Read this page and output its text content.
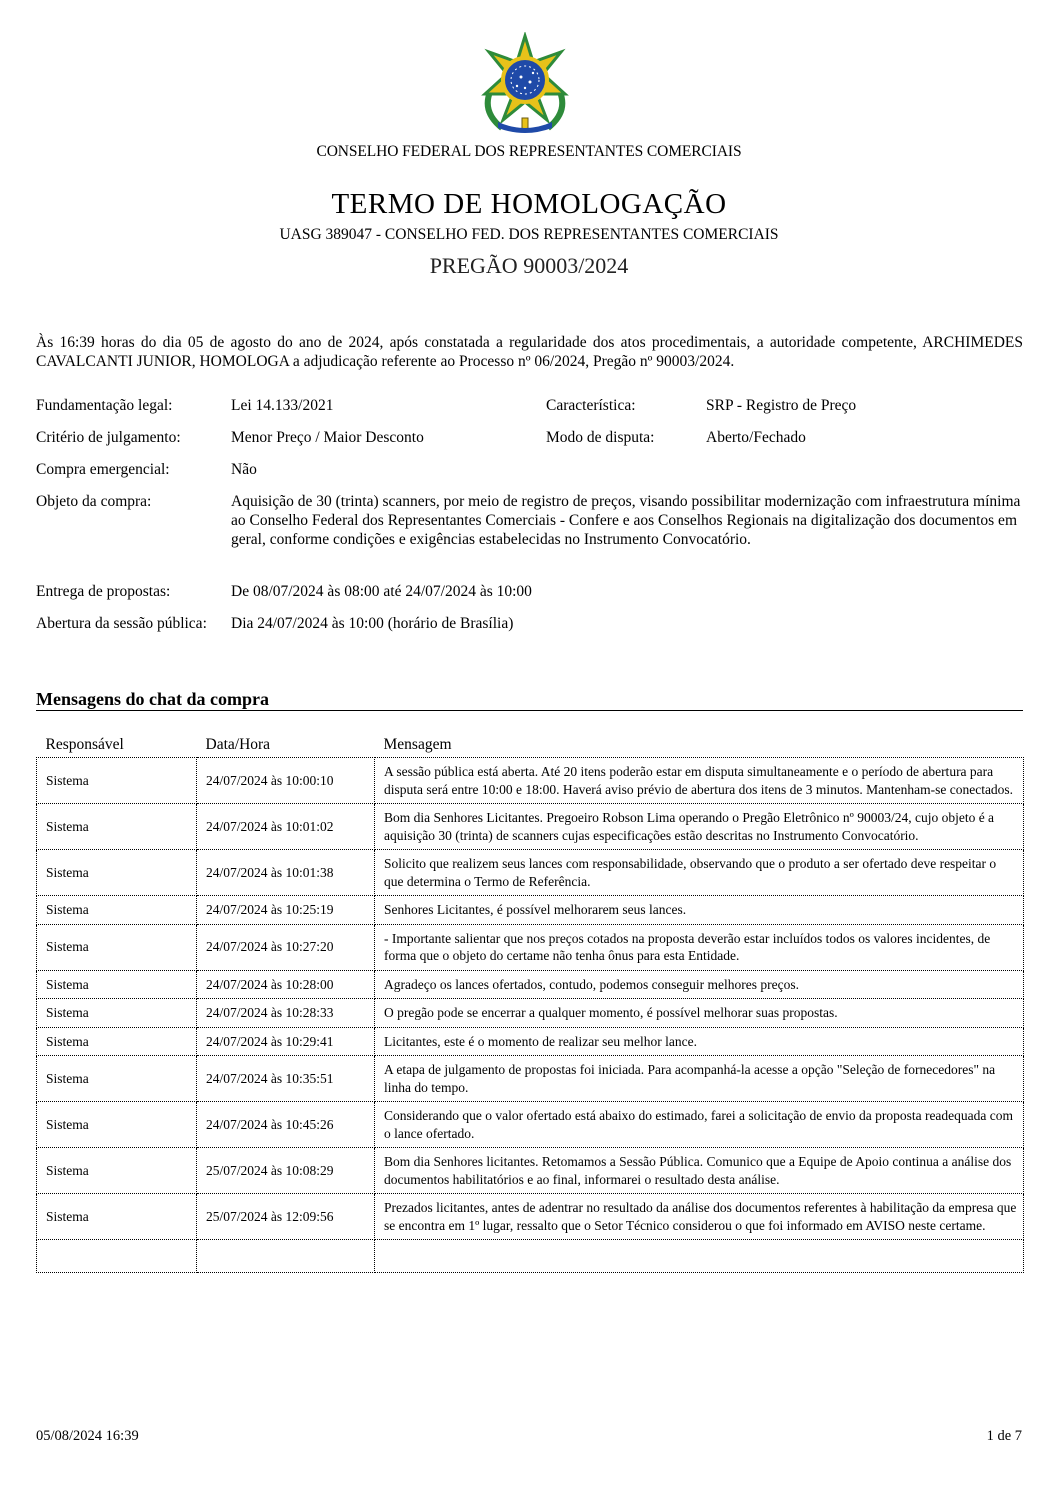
CONSELHO FEDERAL DOS REPRESENTANTES COMERCIAIS
TERMO DE HOMOLOGAÇÃO
UASG 389047 - CONSELHO FED. DOS REPRESENTANTES COMERCIAIS
PREGÃO 90003/2024
Às 16:39 horas do dia 05 de agosto do ano de 2024, após constatada a regularidade dos atos procedimentais, a autoridade competente, ARCHIMEDES CAVALCANTI JUNIOR, HOMOLOGA a adjudicação referente ao Processo nº 06/2024, Pregão nº 90003/2024.
Fundamentação legal:	Lei 14.133/2021	Característica:	SRP - Registro de Preço
Critério de julgamento:	Menor Preço / Maior Desconto	Modo de disputa:	Aberto/Fechado
Compra emergencial:	Não
Objeto da compra:	Aquisição de 30 (trinta) scanners, por meio de registro de preços, visando possibilitar modernização com infraestrutura mínima ao Conselho Federal dos Representantes Comerciais - Confere e aos Conselhos Regionais na digitalização dos documentos em geral, conforme condições e exigências estabelecidas no Instrumento Convocatório.
Entrega de propostas:	De 08/07/2024 às 08:00 até 24/07/2024 às 10:00
Abertura da sessão pública: Dia 24/07/2024 às 10:00 (horário de Brasília)
Mensagens do chat da compra
Responsável	Data/Hora	Mensagem
Sistema	24/07/2024 às 10:00:10	A sessão pública está aberta. Até 20 itens poderão estar em disputa simultaneamente e o período de abertura para disputa será entre 10:00 e 18:00. Haverá aviso prévio de abertura dos itens de 3 minutos. Mantenham-se conectados.
Sistema	24/07/2024 às 10:01:02	Bom dia Senhores Licitantes. Pregoeiro Robson Lima operando o Pregão Eletrônico nº 90003/24, cujo objeto é a aquisição 30 (trinta) de scanners cujas especificações estão descritas no Instrumento Convocatório.
Sistema	24/07/2024 às 10:01:38	Solicito que realizem seus lances com responsabilidade, observando que o produto a ser ofertado deve respeitar o que determina o Termo de Referência.
Sistema	24/07/2024 às 10:25:19	Senhores Licitantes, é possível melhorarem seus lances.
Sistema	24/07/2024 às 10:27:20	- Importante salientar que nos preços cotados na proposta deverão estar incluídos todos os valores incidentes, de forma que o objeto do certame não tenha ônus para esta Entidade.
Sistema	24/07/2024 às 10:28:00	Agradeço os lances ofertados, contudo, podemos conseguir melhores preços.
Sistema	24/07/2024 às 10:28:33	O pregão pode se encerrar a qualquer momento, é possível melhorar suas propostas.
Sistema	24/07/2024 às 10:29:41	Licitantes, este é o momento de realizar seu melhor lance.
Sistema	24/07/2024 às 10:35:51	A etapa de julgamento de propostas foi iniciada. Para acompanhá-la acesse a opção "Seleção de fornecedores" na linha do tempo.
Sistema	24/07/2024 às 10:45:26	Considerando que o valor ofertado está abaixo do estimado, farei a solicitação de envio da proposta readequada com o lance ofertado.
Sistema	25/07/2024 às 10:08:29	Bom dia Senhores licitantes. Retomamos a Sessão Pública. Comunico que a Equipe de Apoio continua a análise dos documentos habilitatórios e ao final, informarei o resultado desta análise.
Sistema	25/07/2024 às 12:09:56	Prezados licitantes, antes de adentrar no resultado da análise dos documentos referentes à habilitação da empresa que se encontra em 1º lugar, ressalto que o Setor Técnico considerou o que foi informado em AVISO neste certame.

05/08/2024 16:39	1 de 7
